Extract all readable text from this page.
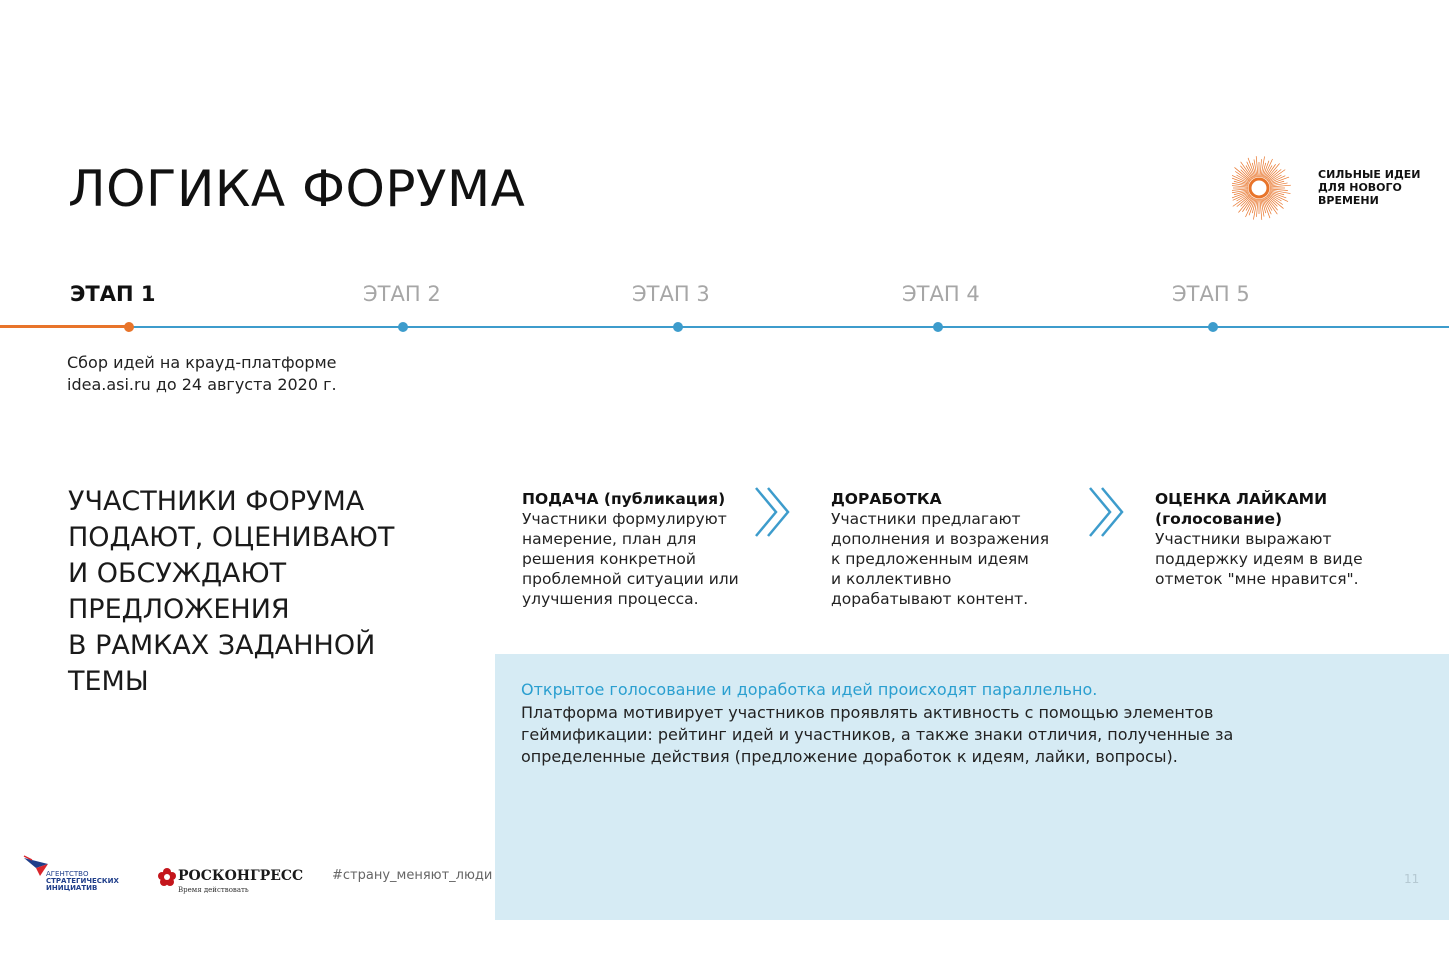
ЛОГИКА ФОРУМА	СИЛЬНЫЕ ИДЕИ
ДЛЯ НОВОГО
ВРЕМЕНИ
ЭТАП 1	ЭТАП 2	ЭТАП 3	ЭТАП 4	ЭТАП 5
Сбор идей на крауд-платформе
idea.asi.ru до 24 августа 2020 г.
УЧАСТНИКИ ФОРУМА
ПОДАЮТ, ОЦЕНИВАЮТ
И ОБСУЖДАЮТ
ПРЕДЛОЖЕНИЯ
В РАМКАХ ЗАДАННОЙ
ТЕМЫ
ПОДАЧА (публикация)
Участники формулируют
намерение, план для
решения конкретной
проблемной ситуации или
улучшения процесса.
ДОРАБОТКА
Участники предлагают
дополнения и возражения
к предложенным идеям
и коллективно
дорабатывают контент.
ОЦЕНКА ЛАЙКАМИ
(голосование)
Участники выражают
поддержку идеям в виде
отметок "мне нравится".
Открытое голосование и доработка идей происходят параллельно.
Платформа мотивирует участников проявлять активность с помощью элементов
геймификации: рейтинг идей и участников, а также знаки отличия, полученные за
определенные действия (предложение доработок к идеям, лайки, вопросы).
11
АГЕНТСТВО
СТРАТЕГИЧЕСКИХ
ИНИЦИАТИВ
РОСКОНГРЕСС
Время действовать
#страну_меняют_люди
